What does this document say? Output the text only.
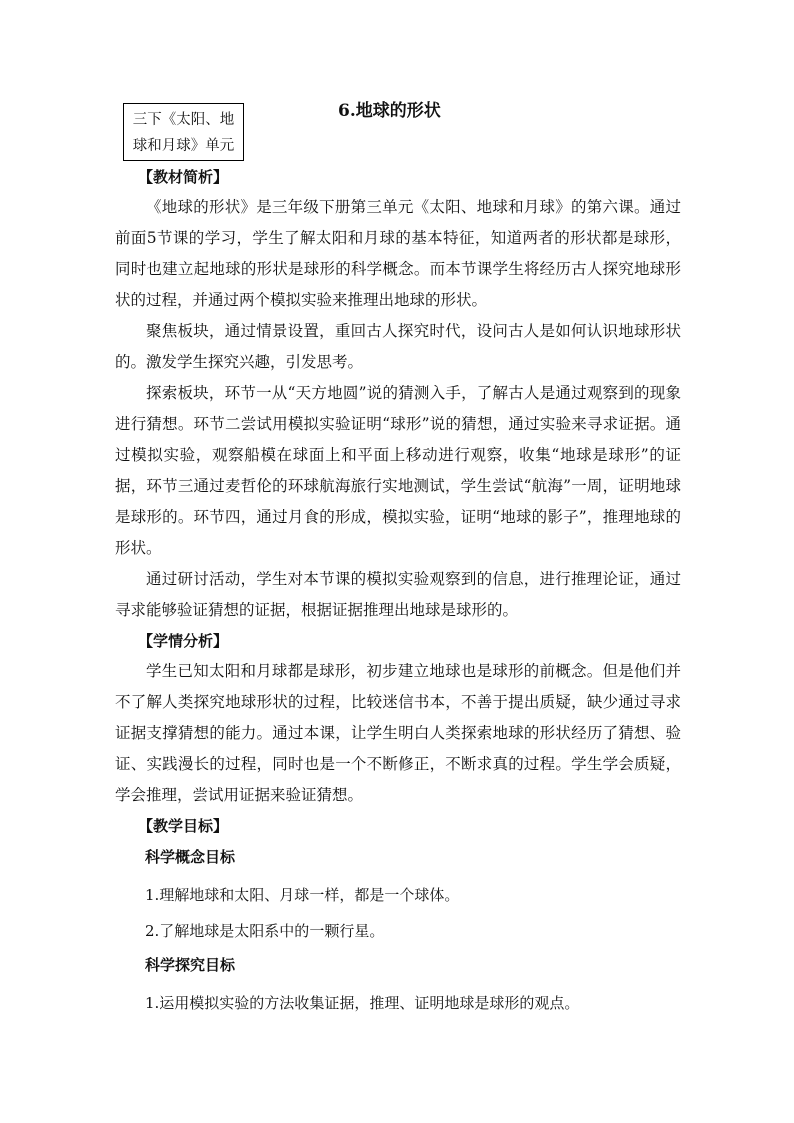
三下《太阳、地
球和月球》单元
6.地球的形状

【教材简析】

《地球的形状》是三年级下册第三单元《太阳、地球和月球》的第六课。通过前面5节课的学习，学生了解太阳和月球的基本特征，知道两者的形状都是球形，同时也建立起地球的形状是球形的科学概念。而本节课学生将经历古人探究地球形状的过程，并通过两个模拟实验来推理出地球的形状。

聚焦板块，通过情景设置，重回古人探究时代，设问古人是如何认识地球形状的。激发学生探究兴趣，引发思考。

探索板块，环节一从“天方地圆”说的猜测入手，了解古人是通过观察到的现象进行猜想。环节二尝试用模拟实验证明“球形”说的猜想，通过实验来寻求证据。通过模拟实验，观察船模在球面上和平面上移动进行观察，收集“地球是球形”的证据，环节三通过麦哲伦的环球航海旅行实地测试，学生尝试“航海”一周，证明地球是球形的。环节四，通过月食的形成，模拟实验，证明“地球的影子”，推理地球的形状。

通过研讨活动，学生对本节课的模拟实验观察到的信息，进行推理论证，通过寻求能够验证猜想的证据，根据证据推理出地球是球形的。

【学情分析】

学生已知太阳和月球都是球形，初步建立地球也是球形的前概念。但是他们并不了解人类探究地球形状的过程，比较迷信书本，不善于提出质疑，缺少通过寻求证据支撑猜想的能力。通过本课，让学生明白人类探索地球的形状经历了猜想、验证、实践漫长的过程，同时也是一个不断修正，不断求真的过程。学生学会质疑，学会推理，尝试用证据来验证猜想。

【教学目标】

科学概念目标

1.理解地球和太阳、月球一样，都是一个球体。

2.了解地球是太阳系中的一颗行星。

科学探究目标

1.运用模拟实验的方法收集证据，推理、证明地球是球形的观点。
